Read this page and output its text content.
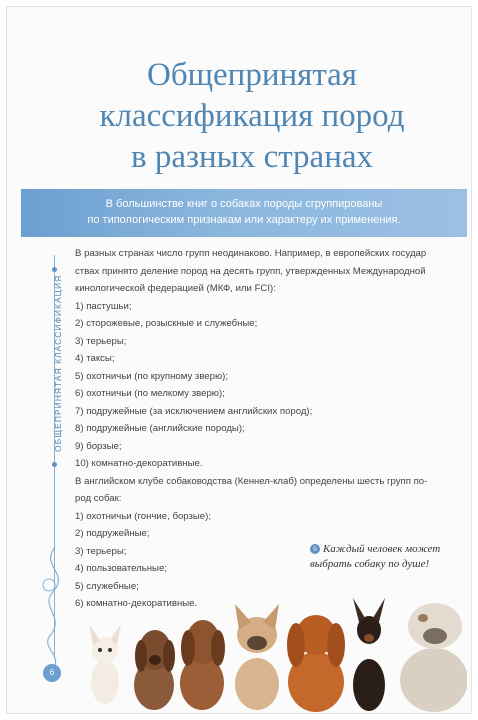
Общепринятая
классификация пород
в разных странах
В большинстве книг о собаках породы сгруппированы
по типологическим признакам или характеру их применения.
ОБЩЕПРИНЯТАЯ КЛАССИФИКАЦИЯ
6

В разных странах число групп неодинаково. Например, в европейских государ
ствах принято деление пород на десять групп, утвержденных Международной
кинологической федерацией (МКФ, или FCI):

1) пастушьи;
2) сторожевые, розыскные и служебные;
3) терьеры;
4) таксы;
5) охотничьи (по крупному зверю);
6) охотничьи (по мелкому зверю);
7) подружейные (за исключением английских пород);
8) подружейные (английские породы);
9) борзые;
10) комнатно-декоративные.

В английском клубе собаководства (Кеннел-клаб) определены шесть групп по-
род собак:

1) охотничьи (гончие, борзые);
2) подружейные;
3) терьеры;
4) пользовательные;
5) служебные;
6) комнатно-декоративные.
6 Каждый человек может
выбрать собаку по душе!
